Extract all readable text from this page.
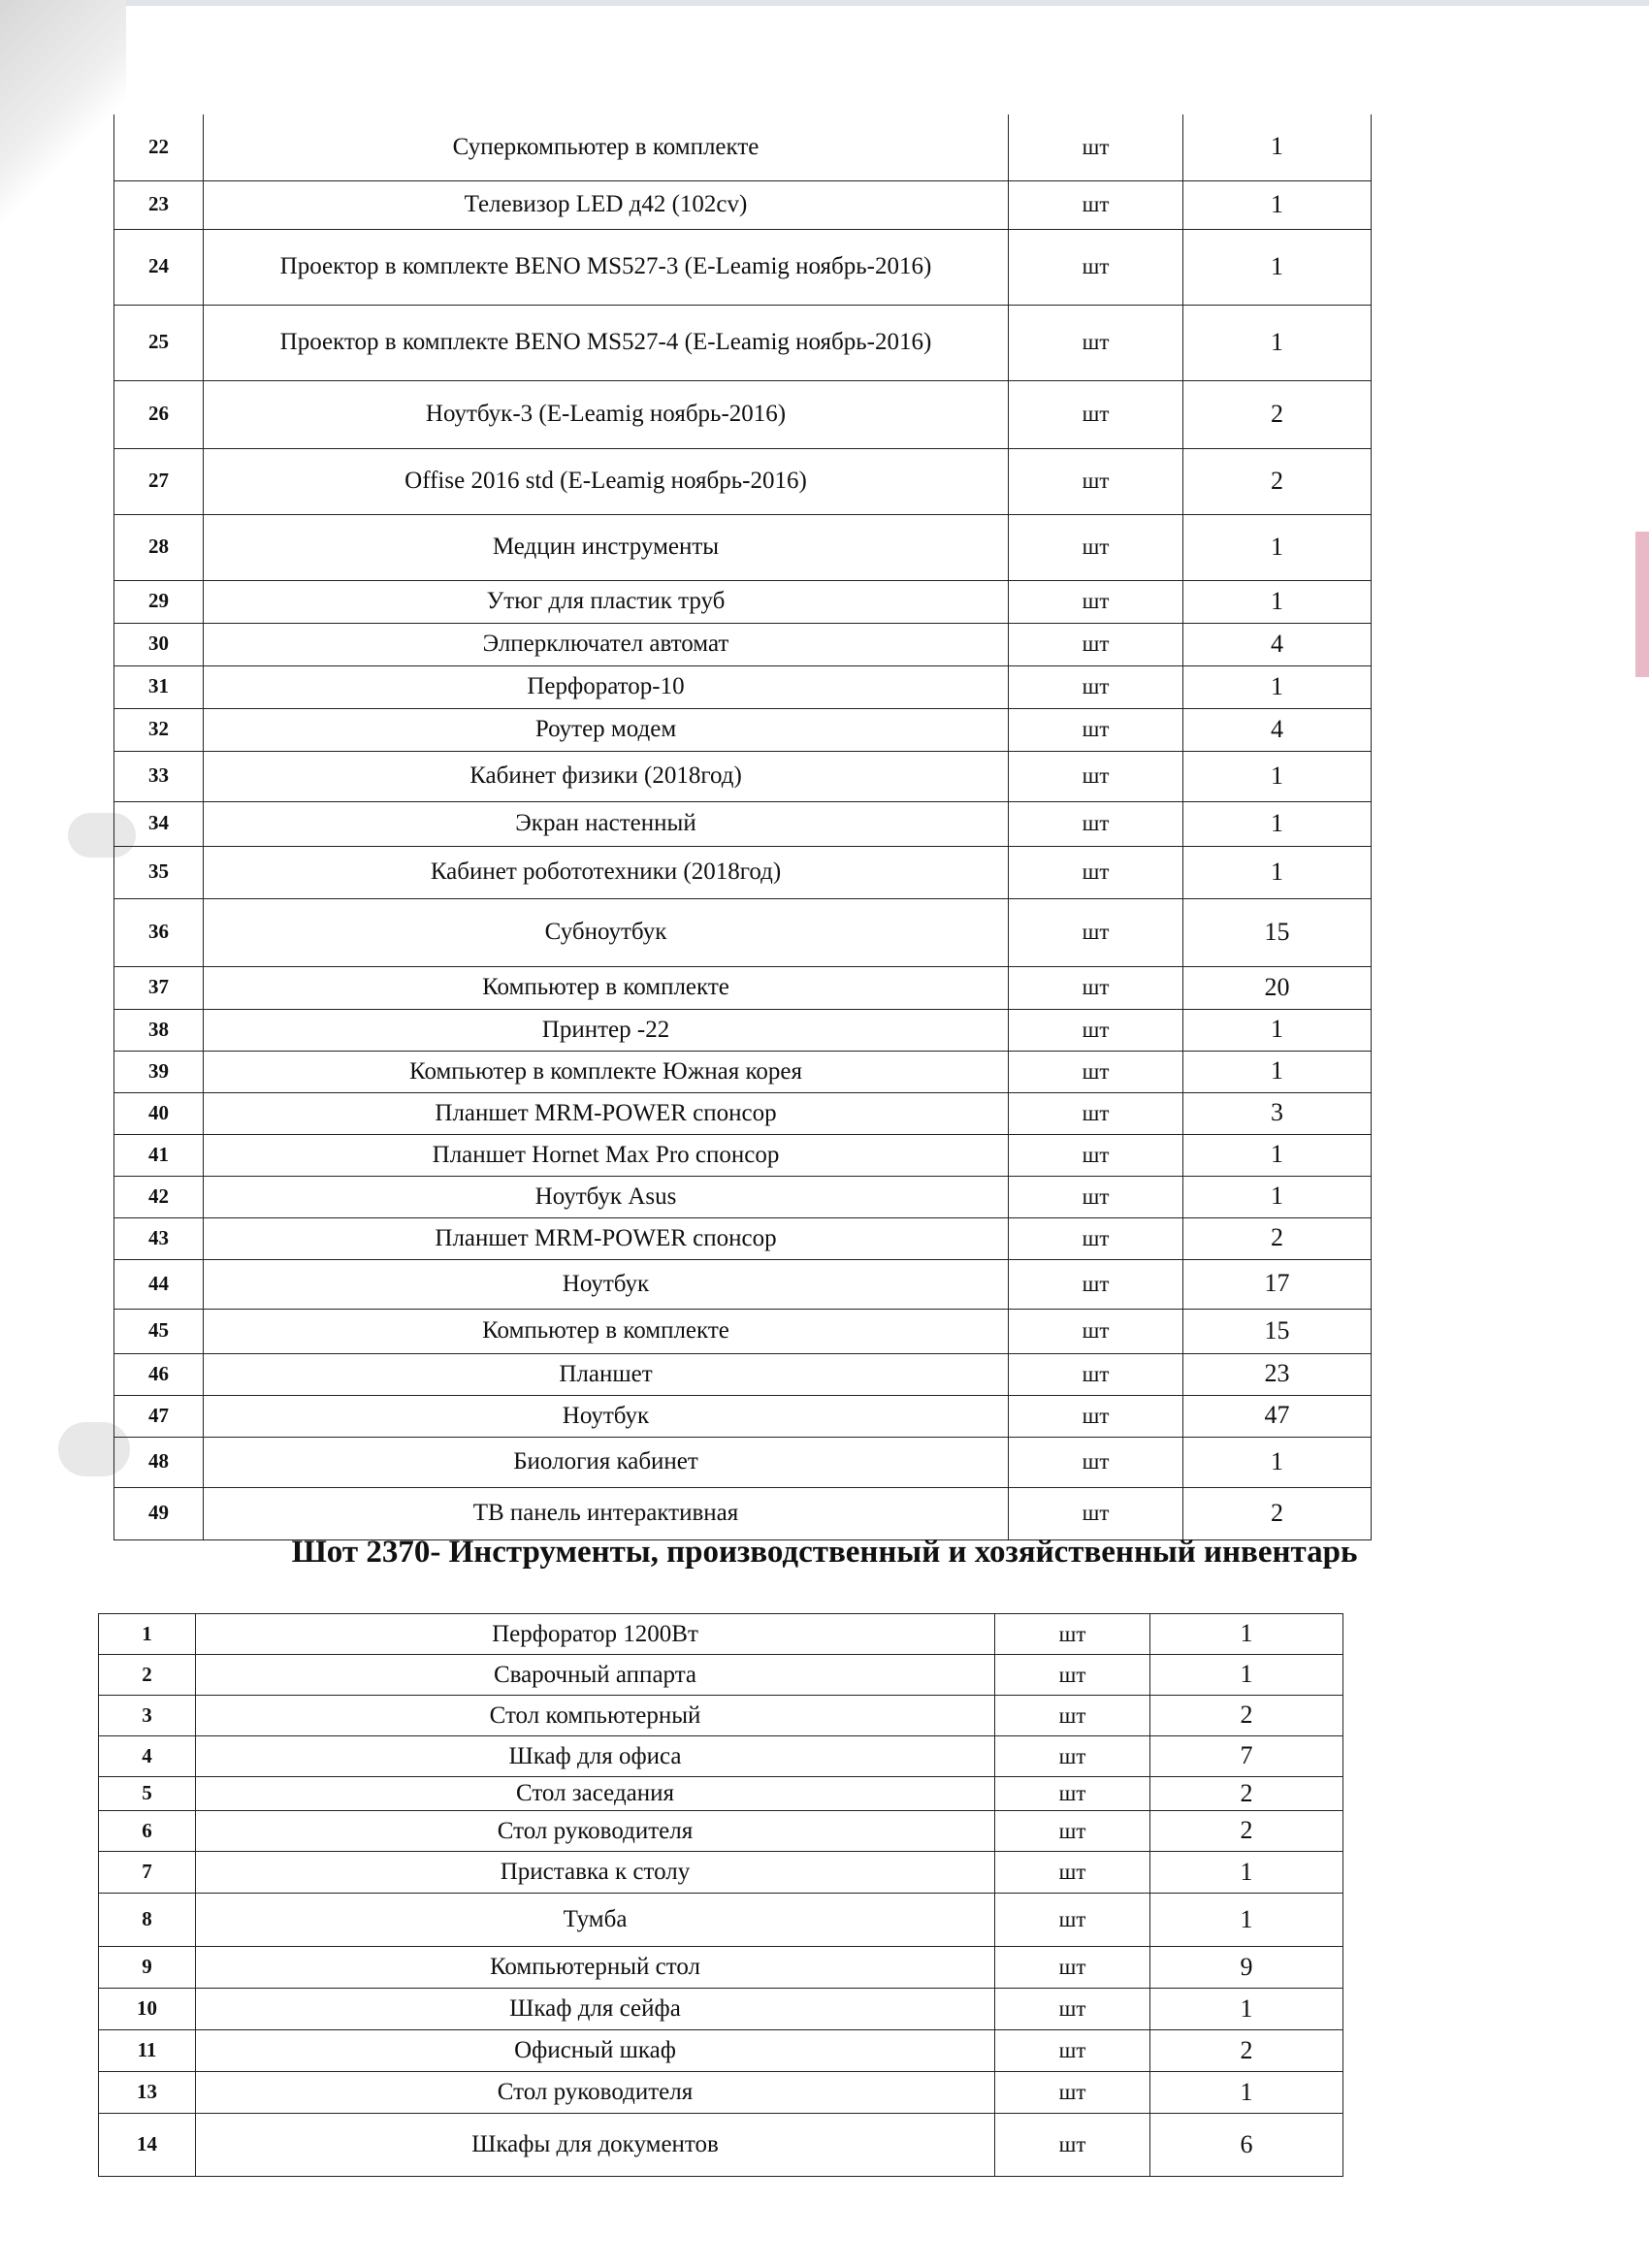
22	Суперкомпьютер в комплекте	шт	1
23	Телевизор LED д42 (102cv)	шт	1
24	Проектор в комплекте BENO MS527-3 (E-Leamig ноябрь-2016)	шт	1
25	Проектор в комплекте BENO MS527-4 (E-Leamig ноябрь-2016)	шт	1
26	Ноутбук-3 (E-Leamig ноябрь-2016)	шт	2
27	Offise 2016 std (E-Leamig ноябрь-2016)	шт	2
28	Медцин инструменты	шт	1
29	Утюг для пластик труб	шт	1
30	Элперключател автомат	шт	4
31	Перфоратор-10	шт	1
32	Роутер модем	шт	4
33	Кабинет физики (2018год)	шт	1
34	Экран настенный	шт	1
35	Кабинет робототехники (2018год)	шт	1
36	Субноутбук	шт	15
37	Компьютер в комплекте	шт	20
38	Принтер -22	шт	1
39	Компьютер в комплекте Южная корея	шт	1
40	Планшет MRM-POWER спонсор	шт	3
41	Планшет Hornet Max Pro спонсор	шт	1
42	Ноутбук Asus	шт	1
43	Планшет MRM-POWER спонсор	шт	2
44	Ноутбук	шт	17
45	Компьютер в комплекте	шт	15
46	Планшет	шт	23
47	Ноутбук	шт	47
48	Биология кабинет	шт	1
49	ТВ панель интерактивная	шт	2
Шот 2370- Инструменты, производственный и хозяйственный инвентарь
1	Перфоратор 1200Вт	шт	1
2	Сварочный аппарта	шт	1
3	Стол компьютерный	шт	2
4	Шкаф для офиса	шт	7
5	Стол заседания	шт	2
6	Стол руководителя	шт	2
7	Приставка к столу	шт	1
8	Тумба	шт	1
9	Компьютерный стол	шт	9
10	Шкаф для сейфа	шт	1
11	Офисный шкаф	шт	2
13	Стол руководителя	шт	1
14	Шкафы для документов	шт	6
